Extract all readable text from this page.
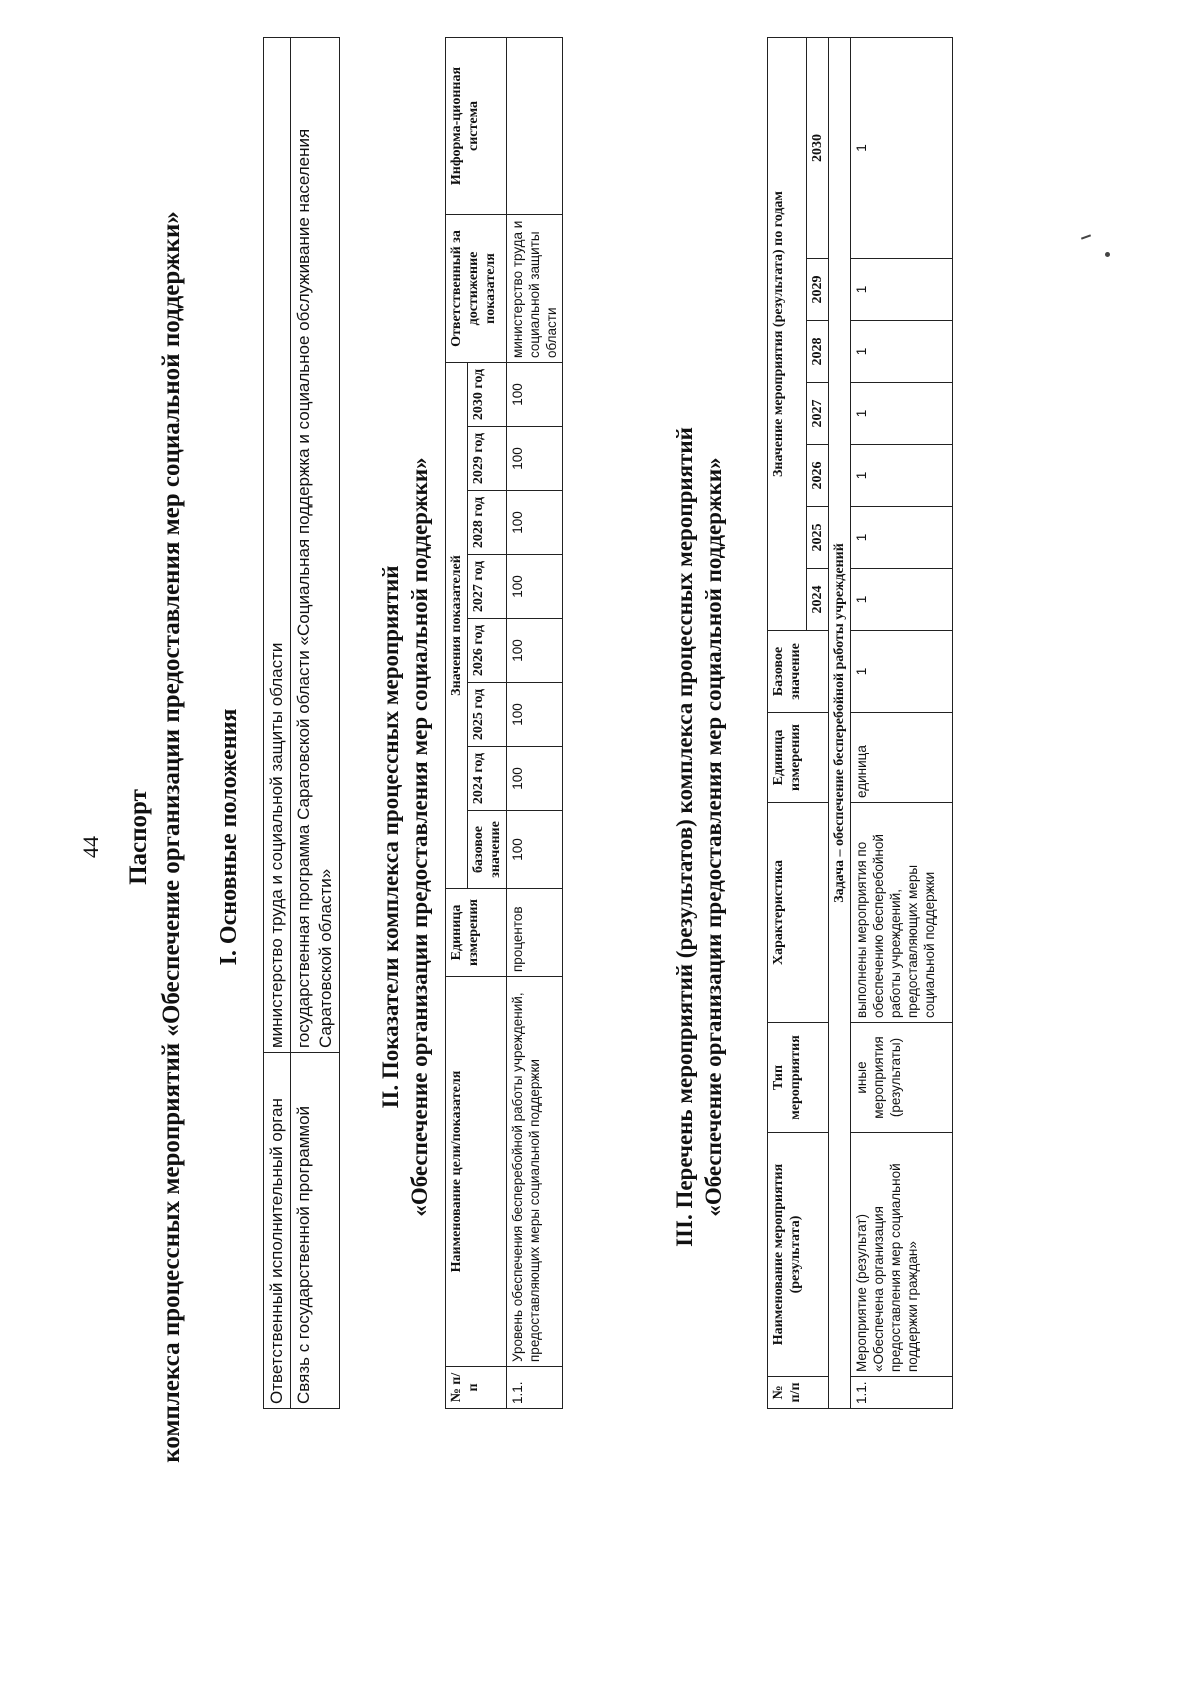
44 Паспорт комплекса процессных мероприятий «Обеспечение организации предоставления мер социальной поддержки» I. Основные положения
Ответственный исполнительный орган	министерство труда и социальной защиты области
Связь с государственной программой	государственная программа Саратовской области «Социальная поддержка и социальное обслуживание населения Саратовской области» II. Показатели комплекса процессных мероприятий «Обеспечение организации предоставления мер социальной поддержки»
№ п/п	Наименование цели/показателя	Единица измерения	Значения показателей								Ответственный за достижение показателя	Информа-ционная система
			базовое значение	2024 год	2025 год	2026 год	2027 год	2028 год	2029 год	2030 год		
1.1.	Уровень обеспечения бесперебойной работы учреждений, предоставляющих меры социальной поддержки	процентов	100	100	100	100	100	100	100	100	министерство труда и социальной защиты области	
III. Перечень мероприятий (результатов) комплекса процессных мероприятий «Обеспечение организации предоставления мер социальной поддержки»
№ п/п	Наименование мероприятия (результата)	Тип мероприятия	Характеристика	Единица измерения	Базовое значение	Значение мероприятия (результата) по годам						
						2024	2025	2026	2027	2028	2029	2030
Задача – обеспечение бесперебойной работы учреждений												
1.1.	Мероприятие (результат) «Обеспечена организация предоставления мер социальной поддержки граждан»	иные мероприятия (результаты)	выполнены мероприятия по обеспечению бесперебойной работы учреждений, предоставляющих меры социальной поддержки	единица	1	1	1	1	1	1	1	1
